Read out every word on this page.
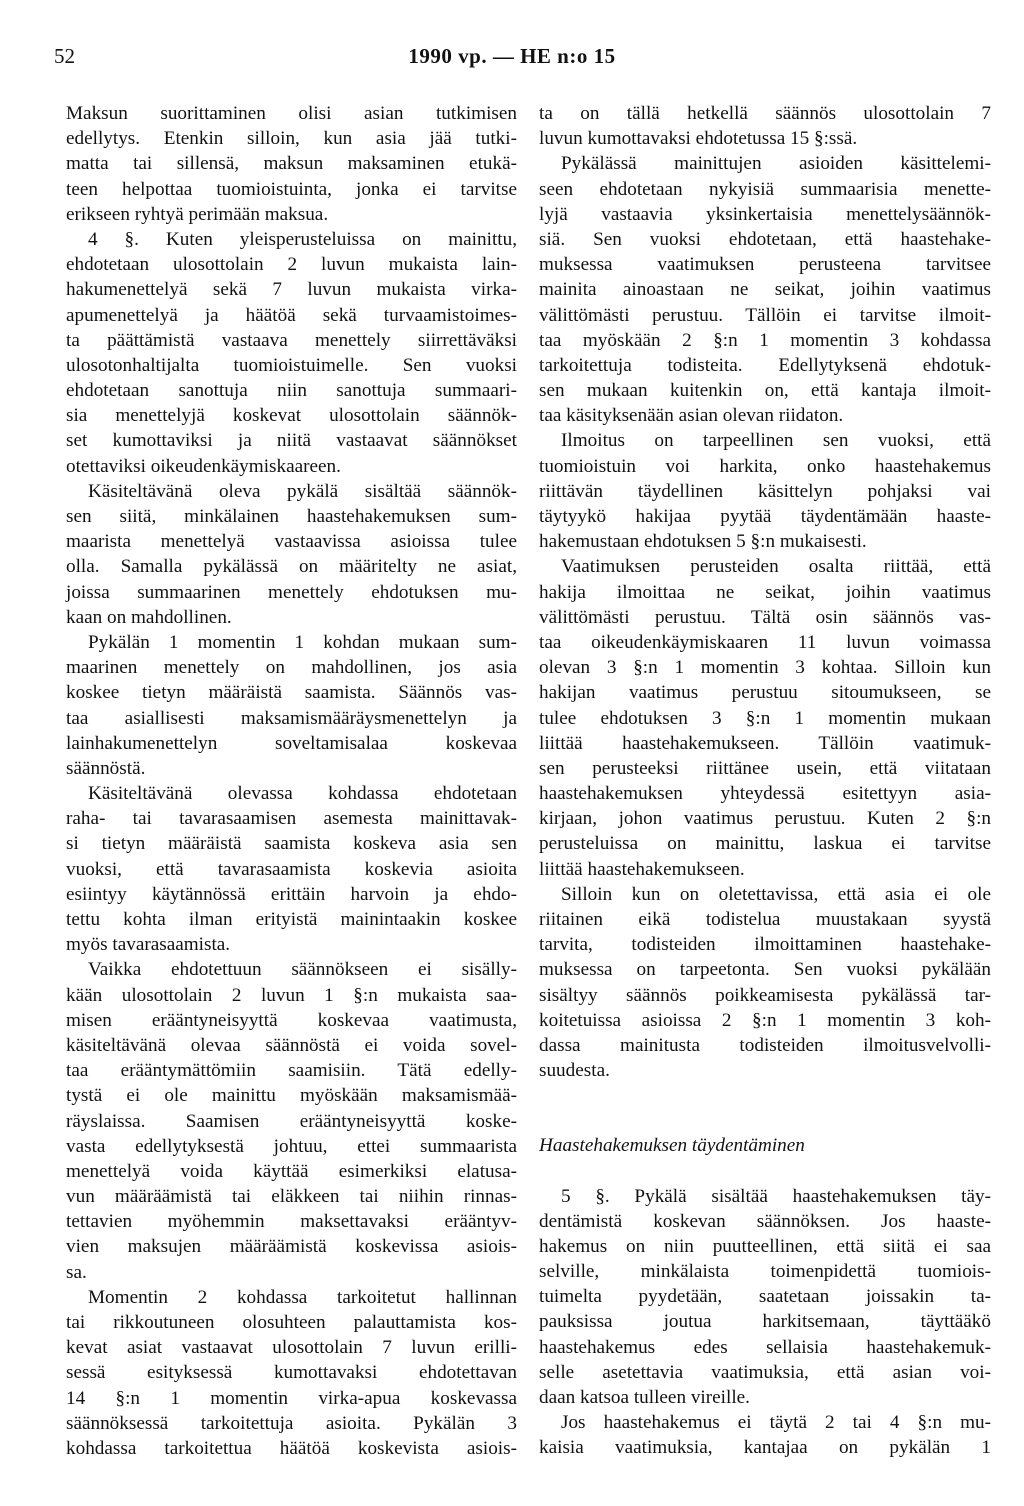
52	1990 vp. — HE n:o 15
Maksun suorittaminen olisi asian tutkimisen
edellytys. Etenkin silloin, kun asia jää tutki-
matta tai sillensä, maksun maksaminen etukä-
teen helpottaa tuomioistuinta, jonka ei tarvitse
erikseen ryhtyä perimään maksua.
4 §. Kuten yleisperusteluissa on mainittu,
ehdotetaan ulosottolain 2 luvun mukaista lain-
hakumenettelyä sekä 7 luvun mukaista virka-
apumenettelyä ja häätöä sekä turvaamistoimes-
ta päättämistä vastaava menettely siirrettäväksi
ulosotonhaltijalta tuomioistuimelle. Sen vuoksi
ehdotetaan sanottuja niin sanottuja summaari-
sia menettelyjä koskevat ulosottolain säännök-
set kumottaviksi ja niitä vastaavat säännökset
otettaviksi oikeudenkäymiskaareen.
Käsiteltävänä oleva pykälä sisältää säännök-
sen siitä, minkälainen haastehakemuksen sum-
maarista menettelyä vastaavissa asioissa tulee
olla. Samalla pykälässä on määritelty ne asiat,
joissa summaarinen menettely ehdotuksen mu-
kaan on mahdollinen.
Pykälän 1 momentin 1 kohdan mukaan sum-
maarinen menettely on mahdollinen, jos asia
koskee tietyn määräistä saamista. Säännös vas-
taa asiallisesti maksamismääräysmenettelyn ja
lainhakumenettelyn soveltamisalaa koskevaa
säännöstä.
Käsiteltävänä olevassa kohdassa ehdotetaan
raha- tai tavarasaamisen asemesta mainittavak-
si tietyn määräistä saamista koskeva asia sen
vuoksi, että tavarasaamista koskevia asioita
esiintyy käytännössä erittäin harvoin ja ehdo-
tettu kohta ilman erityistä mainintaakin koskee
myös tavarasaamista.
Vaikka ehdotettuun säännökseen ei sisälly-
kään ulosottolain 2 luvun 1 §:n mukaista saa-
misen erääntyneisyyttä koskevaa vaatimusta,
käsiteltävänä olevaa säännöstä ei voida sovel-
taa erääntymättömiin saamisiin. Tätä edelly-
tystä ei ole mainittu myöskään maksamismää-
räyslaissa. Saamisen erääntyneisyyttä koske-
vasta edellytyksestä johtuu, ettei summaarista
menettelyä voida käyttää esimerkiksi elatusa-
vun määräämistä tai eläkkeen tai niihin rinnas-
tettavien myöhemmin maksettavaksi erääntyv-
vien maksujen määräämistä koskevissa asiois-
sa.
Momentin 2 kohdassa tarkoitetut hallinnan
tai rikkoutuneen olosuhteen palauttamista kos-
kevat asiat vastaavat ulosottolain 7 luvun erilli-
sessä esityksessä kumottavaksi ehdotettavan
14 §:n 1 momentin virka-apua koskevassa
säännöksessä tarkoitettuja asioita. Pykälän 3
kohdassa tarkoitettua häätöä koskevista asiois-
ta on tällä hetkellä säännös ulosottolain 7
luvun kumottavaksi ehdotetussa 15 §:ssä.
Pykälässä mainittujen asioiden käsittelemi-
seen ehdotetaan nykyisiä summaarisia menette-
lyjä vastaavia yksinkertaisia menettelysäännök-
siä. Sen vuoksi ehdotetaan, että haastehake-
muksessa vaatimuksen perusteena tarvitsee
mainita ainoastaan ne seikat, joihin vaatimus
välittömästi perustuu. Tällöin ei tarvitse ilmoit-
taa myöskään 2 §:n 1 momentin 3 kohdassa
tarkoitettuja todisteita. Edellytyksenä ehdotuk-
sen mukaan kuitenkin on, että kantaja ilmoit-
taa käsityksenään asian olevan riidaton.
Ilmoitus on tarpeellinen sen vuoksi, että
tuomioistuin voi harkita, onko haastehakemus
riittävän täydellinen käsittelyn pohjaksi vai
täytyykö hakijaa pyytää täydentämään haaste-
hakemustaan ehdotuksen 5 §:n mukaisesti.
Vaatimuksen perusteiden osalta riittää, että
hakija ilmoittaa ne seikat, joihin vaatimus
välittömästi perustuu. Tältä osin säännös vas-
taa oikeudenkäymiskaaren 11 luvun voimassa
olevan 3 §:n 1 momentin 3 kohtaa. Silloin kun
hakijan vaatimus perustuu sitoumukseen, se
tulee ehdotuksen 3 §:n 1 momentin mukaan
liittää haastehakemukseen. Tällöin vaatimuk-
sen perusteeksi riittänee usein, että viitataan
haastehakemuksen yhteydessä esitettyyn asia-
kirjaan, johon vaatimus perustuu. Kuten 2 §:n
perusteluissa on mainittu, laskua ei tarvitse
liittää haastehakemukseen.
Silloin kun on oletettavissa, että asia ei ole
riitainen eikä todistelua muustakaan syystä
tarvita, todisteiden ilmoittaminen haastehake-
muksessa on tarpeetonta. Sen vuoksi pykälään
sisältyy säännös poikkeamisesta pykälässä tar-
koitetuissa asioissa 2 §:n 1 momentin 3 koh-
dassa mainitusta todisteiden ilmoitusvelvolli-
suudesta.
Haastehakemuksen täydentäminen
5 §. Pykälä sisältää haastehakemuksen täy-
dentämistä koskevan säännöksen. Jos haaste-
hakemus on niin puutteellinen, että siitä ei saa
selville, minkälaista toimenpidettä tuomiois-
tuimelta pyydetään, saatetaan joissakin ta-
pauksissa joutua harkitsemaan, täyttääkö
haastehakemus edes sellaisia haastehakemuk-
selle asetettavia vaatimuksia, että asian voi-
daan katsoa tulleen vireille.
Jos haastehakemus ei täytä 2 tai 4 §:n mu-
kaisia vaatimuksia, kantajaa on pykälän 1
